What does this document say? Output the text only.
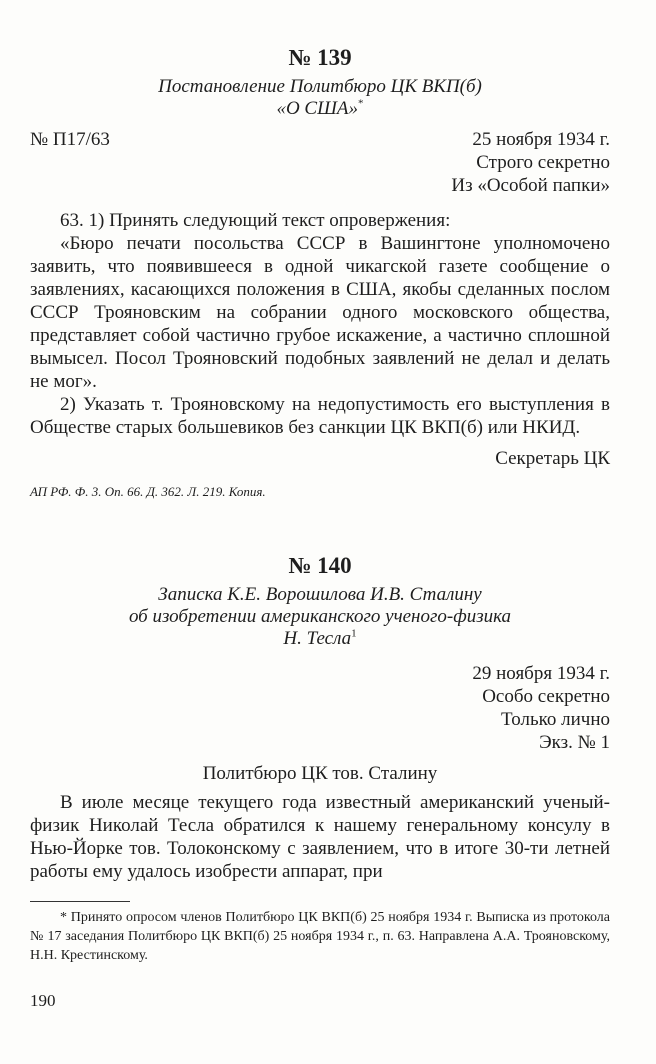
№ 139
Постановление Политбюро ЦК ВКП(б)
«О США»*
№ П17/63	25 ноября 1934 г.
Строго секретно
Из «Особой папки»

63. 1) Принять следующий текст опровержения:

«Бюро печати посольства СССР в Вашингтоне уполномочено заявить, что появившееся в одной чикагской газете сообщение о заявлениях, касающихся положения в США, якобы сделанных послом СССР Трояновским на собрании одного московского общества, представляет собой частично грубое искажение, а частично сплошной вымысел. Посол Трояновский подобных заявлений не делал и делать не мог».

2) Указать т. Трояновскому на недопустимость его выступления в Обществе старых большевиков без санкции ЦК ВКП(б) или НКИД.

Секретарь ЦК
АП РФ. Ф. 3. Оп. 66. Д. 362. Л. 219. Копия.
№ 140
Записка К.Е. Ворошилова И.В. Сталину
об изобретении американского ученого-физика
Н. Тесла$^1$
29 ноября 1934 г.
Особо секретно
Только лично
Экз. № 1
Политбюро ЦК тов. Сталину

В июле месяце текущего года известный американский ученый-физик Николай Тесла обратился к нашему генеральному консулу в Нью-Йорке тов. Толоконскому с заявлением, что в итоге 30-ти летней работы ему удалось изобрести аппарат, при

* Принято опросом членов Политбюро ЦК ВКП(б) 25 ноября 1934 г. Выписка из протокола № 17 заседания Политбюро ЦК ВКП(б) 25 ноября 1934 г., п. 63. Направлена А.А. Трояновскому, Н.Н. Крестинскому.

190
